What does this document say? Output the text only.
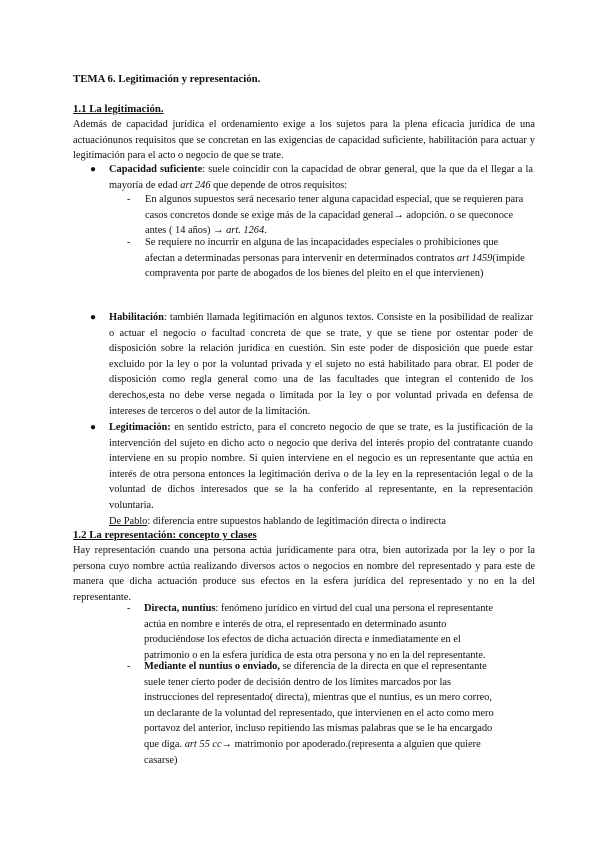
TEMA 6. Legitimación y representación.
1.1 La legitimación.
Además de capacidad jurídica el ordenamiento exige a los sujetos para la plena eficacia jurídica de una actuaciónunos requisitos que se concretan en las exigencias de capacidad suficiente, habilitación para actuar y legitimación para el acto o negocio de que se trate.
● Capacidad suficiente: suele coincidir con la capacidad de obrar general, que la que da el llegar a la mayoría de edad art 246 que depende de otros requisitos:
- En algunos supuestos será necesario tener alguna capacidad especial, que se requieren para casos concretos donde se exige más de la capacidad general→ adopción. o se queconoce antes ( 14 años) → art. 1264.
- Se requiere no incurrir en alguna de las incapacidades especiales o prohibiciones que afectan a determinadas personas para intervenir en determinados contratos art 1459(impide compraventa por parte de abogados de los bienes del pleito en el que intervienen)
● Habilitación: también llamada legitimación en algunos textos. Consiste en la posibilidad de realizar o actuar el negocio o facultad concreta de que se trate, y que se tiene por ostentar poder de disposición sobre la relación jurídica en cuestión. Sin este poder de disposición que puede estar excluido por la ley o por la voluntad privada y el sujeto no está habilitado para obrar. El poder de disposición como regla general como una de las facultades que integran el contenido de los derechos,esta no debe verse negada o limitada por la ley o por voluntad privada en defensa de intereses de terceros o del autor de la limitación.
● Legitimación: en sentido estricto, para el concreto negocio de que se trate, es la justificación de la intervención del sujeto en dicho acto o negocio que deriva del interés propio del contratante cuando interviene en su propio nombre. Si quien interviene en el negocio es un representante que actúa en interés de otra persona entonces la legitimación deriva o de la ley en la representación legal o de la voluntad de dichos interesados que se la ha conferido al representante, en la representación voluntaria.
De Pablo: diferencia entre supuestos hablando de legitimación directa o indirecta
1.2 La representación: concepto y clases
Hay representación cuando una persona actúa jurídicamente para otra, bien autorizada por la ley o por la persona cuyo nombre actúa realizando diversos actos o negocios en nombre del representado y para este de manera que dicha actuación produce sus efectos en la esfera jurídica del representado y no en la del representante.
- Directa, nuntius: fenómeno jurídico en virtud del cual una persona el representante actúa en nombre e interés de otra, el representado en determinado asunto produciéndose los efectos de dicha actuación directa e inmediatamente en el patrimonio o en la esfera jurídica de esta otra persona y no en la del representante.
- Mediante el nuntius o enviado, se diferencia de la directa en que el representante suele tener cierto poder de decisión dentro de los límites marcados por las instrucciones del representado( directa), mientras que el nuntius, es un mero correo, un declarante de la voluntad del representado, que intervienen en el acto como mero portavoz del anterior, incluso repitiendo las mismas palabras que se le ha encargado que diga. art 55 cc→ matrimonio por apoderado.(representa a alguien que quiere casarse)
